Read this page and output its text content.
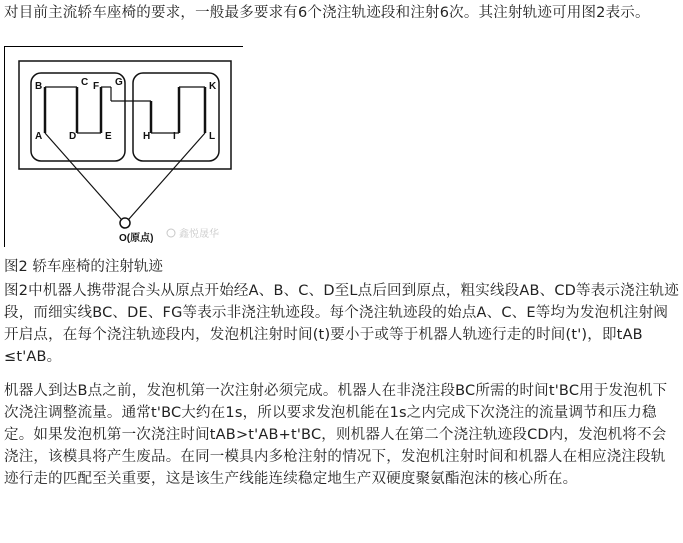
对目前主流轿车座椅的要求，一般最多要求有6个浇注轨迹段和注射6次。其注射轨迹可用图2表示。

B	C F G	K
A	D	E	H I	L
O(原点)	鑫悦晟华
图2 轿车座椅的注射轨迹

图2中机器人携带混合头从原点开始经A、B、C、D至L点后回到原点，粗实线段AB、CD等表示浇注轨迹段，而细实线BC、DE、FG等表示非浇注轨迹段。每个浇注轨迹段的始点A、C、E等均为发泡机注射阀开启点，在每个浇注轨迹段内，发泡机注射时间(t)要小于或等于机器人轨迹行走的时间(t')，即tAB ≤t'AB。

机器人到达B点之前，发泡机第一次注射必须完成。机器人在非浇注段BC所需的时间t'BC用于发泡机下次浇注调整流量。通常t'BC大约在1s，所以要求发泡机能在1s之内完成下次浇注的流量调节和压力稳定。如果发泡机第一次浇注时间tAB>t'AB+t'BC，则机器人在第二个浇注轨迹段CD内，发泡机将不会浇注，该模具将产生废品。在同一模具内多枪注射的情况下，发泡机注射时间和机器人在相应浇注段轨迹行走的匹配至关重要，这是该生产线能连续稳定地生产双硬度聚氨酯泡沫的核心所在。
